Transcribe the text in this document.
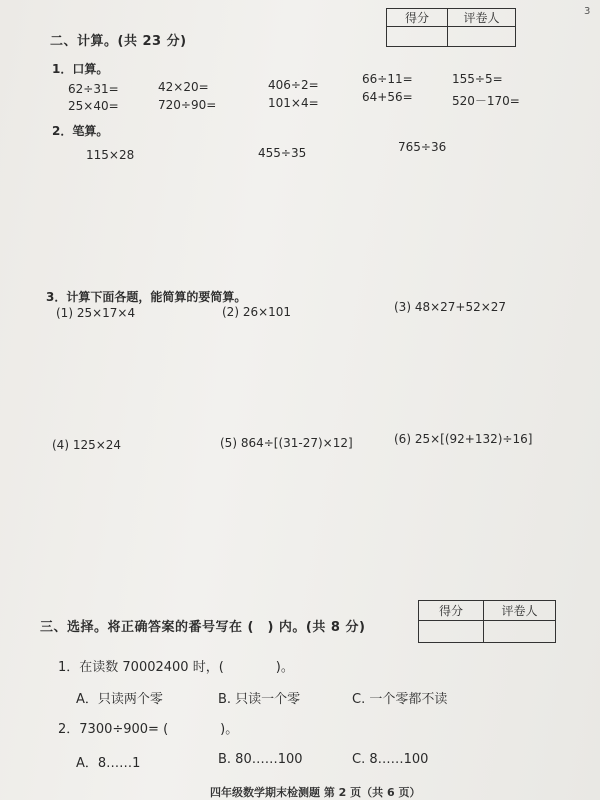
3
得分	评卷人

二、计算。(共 23 分)
1．口算。
62÷31=	42×20=	406÷2=	66÷11=	155÷5=
25×40=	720÷90=	101×4=	64+56=	520－170=
2．笔算。
115×28	455÷35	765÷36
3．计算下面各题，能简算的要简算。
(1) 25×17×4	(2) 26×101	(3) 48×27+52×27
(4) 125×24	(5) 864÷[(31-27)×12]	(6) 25×[(92+132)÷16]
得分	评卷人

三、选择。将正确答案的番号写在 (　) 内。(共 8 分)
1．在读数 70002400 时，(　　　　)。
A．只读两个零	B. 只读一个零	C. 一个零都不读
2．7300÷900= (　　　　)。
A．8……1	B. 80……100	C. 8……100
四年级数学期末检测题 第 2 页（共 6 页）
